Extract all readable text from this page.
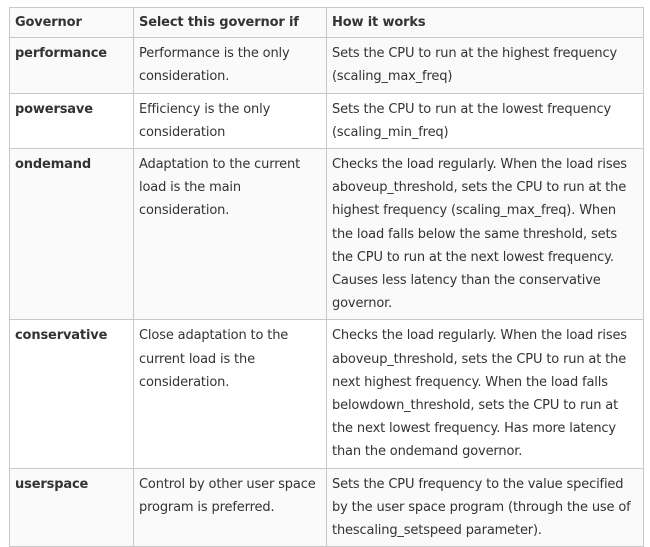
Governor	Select this governor if	How it works
performance	Performance is the only consideration.	Sets the CPU to run at the highest frequency (scaling_max_freq)
powersave	Efficiency is the only consideration	Sets the CPU to run at the lowest frequency (scaling_min_freq)
ondemand	Adaptation to the current load is the main consideration.	Checks the load regularly. When the load rises aboveup_threshold, sets the CPU to run at the highest frequency (scaling_max_freq). When the load falls below the same threshold, sets the CPU to run at the next lowest frequency. Causes less latency than the conservative governor.
conservative	Close adaptation to the current load is the consideration.	Checks the load regularly. When the load rises aboveup_threshold, sets the CPU to run at the next highest frequency. When the load falls belowdown_threshold, sets the CPU to run at the next lowest frequency. Has more latency than the ondemand governor.
userspace	Control by other user space program is preferred.	Sets the CPU frequency to the value specified by the user space program (through the use of thescaling_setspeed parameter).
